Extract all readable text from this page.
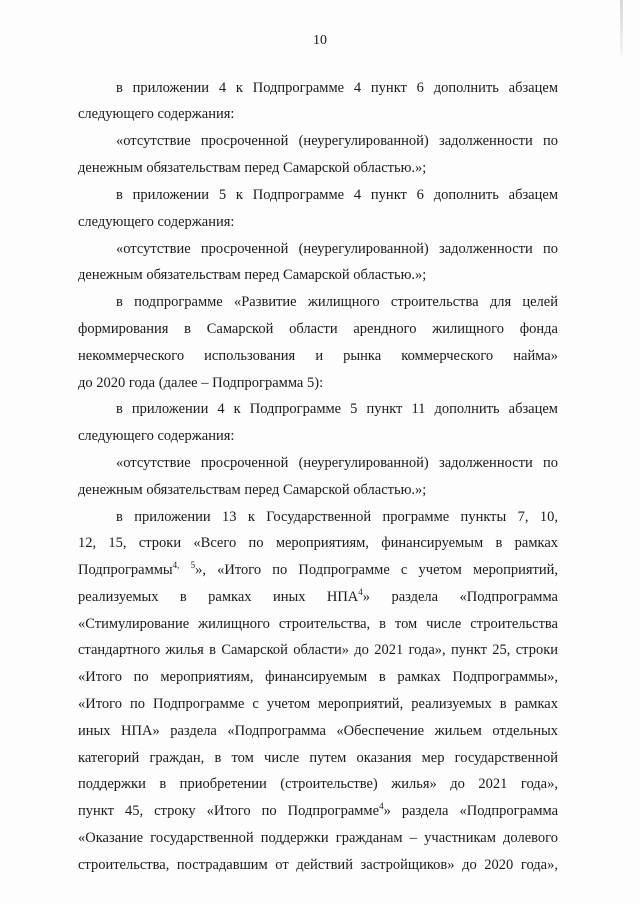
10
в приложении 4 к Подпрограмме 4 пункт 6 дополнить абзацем
следующего содержания:
«отсутствие просроченной (неурегулированной) задолженности по
денежным обязательствам перед Самарской областью.»;
в приложении 5 к Подпрограмме 4 пункт 6 дополнить абзацем
следующего содержания:
«отсутствие просроченной (неурегулированной) задолженности по
денежным обязательствам перед Самарской областью.»;
в подпрограмме «Развитие жилищного строительства для целей
формирования в Самарской области арендного жилищного фонда
некоммерческого использования и рынка коммерческого найма»
до 2020 года (далее – Подпрограмма 5):
в приложении 4 к Подпрограмме 5 пункт 11 дополнить абзацем
следующего содержания:
«отсутствие просроченной (неурегулированной) задолженности по
денежным обязательствам перед Самарской областью.»;
в приложении 13 к Государственной программе пункты 7, 10,
12, 15, строки «Всего по мероприятиям, финансируемым в рамках
Подпрограммы$^{4,}$ $^5$», «Итого по Подпрограмме с учетом мероприятий,
реализуемых в рамках иных НПА$^4$» раздела «Подпрограмма
«Стимулирование жилищного строительства, в том числе строительства
стандартного жилья в Самарской области» до 2021 года», пункт 25, строки
«Итого по мероприятиям, финансируемым в рамках Подпрограммы»,
«Итого по Подпрограмме с учетом мероприятий, реализуемых в рамках
иных НПА» раздела «Подпрограмма «Обеспечение жильем отдельных
категорий граждан, в том числе путем оказания мер государственной
поддержки в приобретении (строительстве) жилья» до 2021 года»,
пункт 45, строку «Итого по Подпрограмме$^4$» раздела «Подпрограмма
«Оказание государственной поддержки гражданам – участникам долевого
строительства, пострадавшим от действий застройщиков» до 2020 года»,
